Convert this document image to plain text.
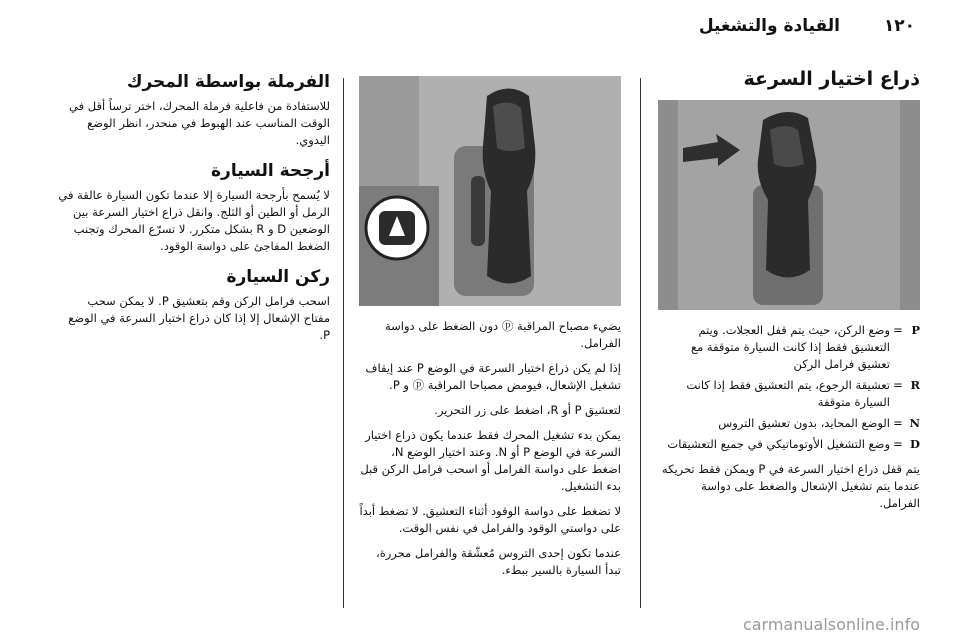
١٢٠
القيادة والتشغيل
ذراع اختيار السرعة
P
=
وضع الركن، حيث يتم قفل العجلات. ويتم التعشيق فقط إذا كانت السيارة متوقفة مع تعشيق فرامل الركن
R
=
تعشيقة الرجوع، يتم التعشيق فقط إذا كانت السيارة متوقفة
N
=
الوضع المحايد، بدون تعشيق التروس
D
=
وضع التشغيل الأوتوماتيكي في جميع التعشيقات

يتم قفل ذراع اختيار السرعة في P ويمكن فقط تحريكه عندما يتم تشغيل الإشعال والضغط على دواسة الفرامل.

يضيء مصباح المراقبة ⓟ دون الضغط على دواسة الفرامل.

إذا لم يكن ذراع اختيار السرعة في الوضع P عند إيقاف تشغيل الإشعال، فيومض مصباحا المراقبة ⓟ و P.

لتعشيق P أو R، اضغط على زر التحرير.

يمكن بدء تشغيل المحرك فقط عندما يكون ذراع اختيار السرعة في الوضع P أو N. وعند اختيار الوضع N، اضغط على دواسة الفرامل أو اسحب فرامل الركن قبل بدء التشغيل.

لا تضغط على دواسة الوقود أثناء التعشيق. لا تضغط أبداً على دواستي الوقود والفرامل في نفس الوقت.

عندما تكون إحدى التروس مُعشّقة والفرامل محررة، تبدأ السيارة بالسير ببطء.

الفرملة بواسطة المحرك

للاستفادة من فاعلية فرملة المحرك، اختر ترساً أقل في الوقت المناسب عند الهبوط في منحدر، انظر الوضع اليدوي.

أرجحة السيارة

لا يُسمح بأرجحة السيارة إلا عندما تكون السيارة عالقة في الرمل أو الطين أو الثلج. وانقل ذراع اختيار السرعة بين الوضعين D و R بشكل متكرر. لا تسرّع المحرك وتجنب الضغط المفاجئ على دواسة الوقود.

ركن السيارة

اسحب فرامل الركن وقم بتعشيق P. لا يمكن سحب مفتاح الإشعال إلا إذا كان ذراع اختيار السرعة في الوضع P.

carmanualsonline.info
